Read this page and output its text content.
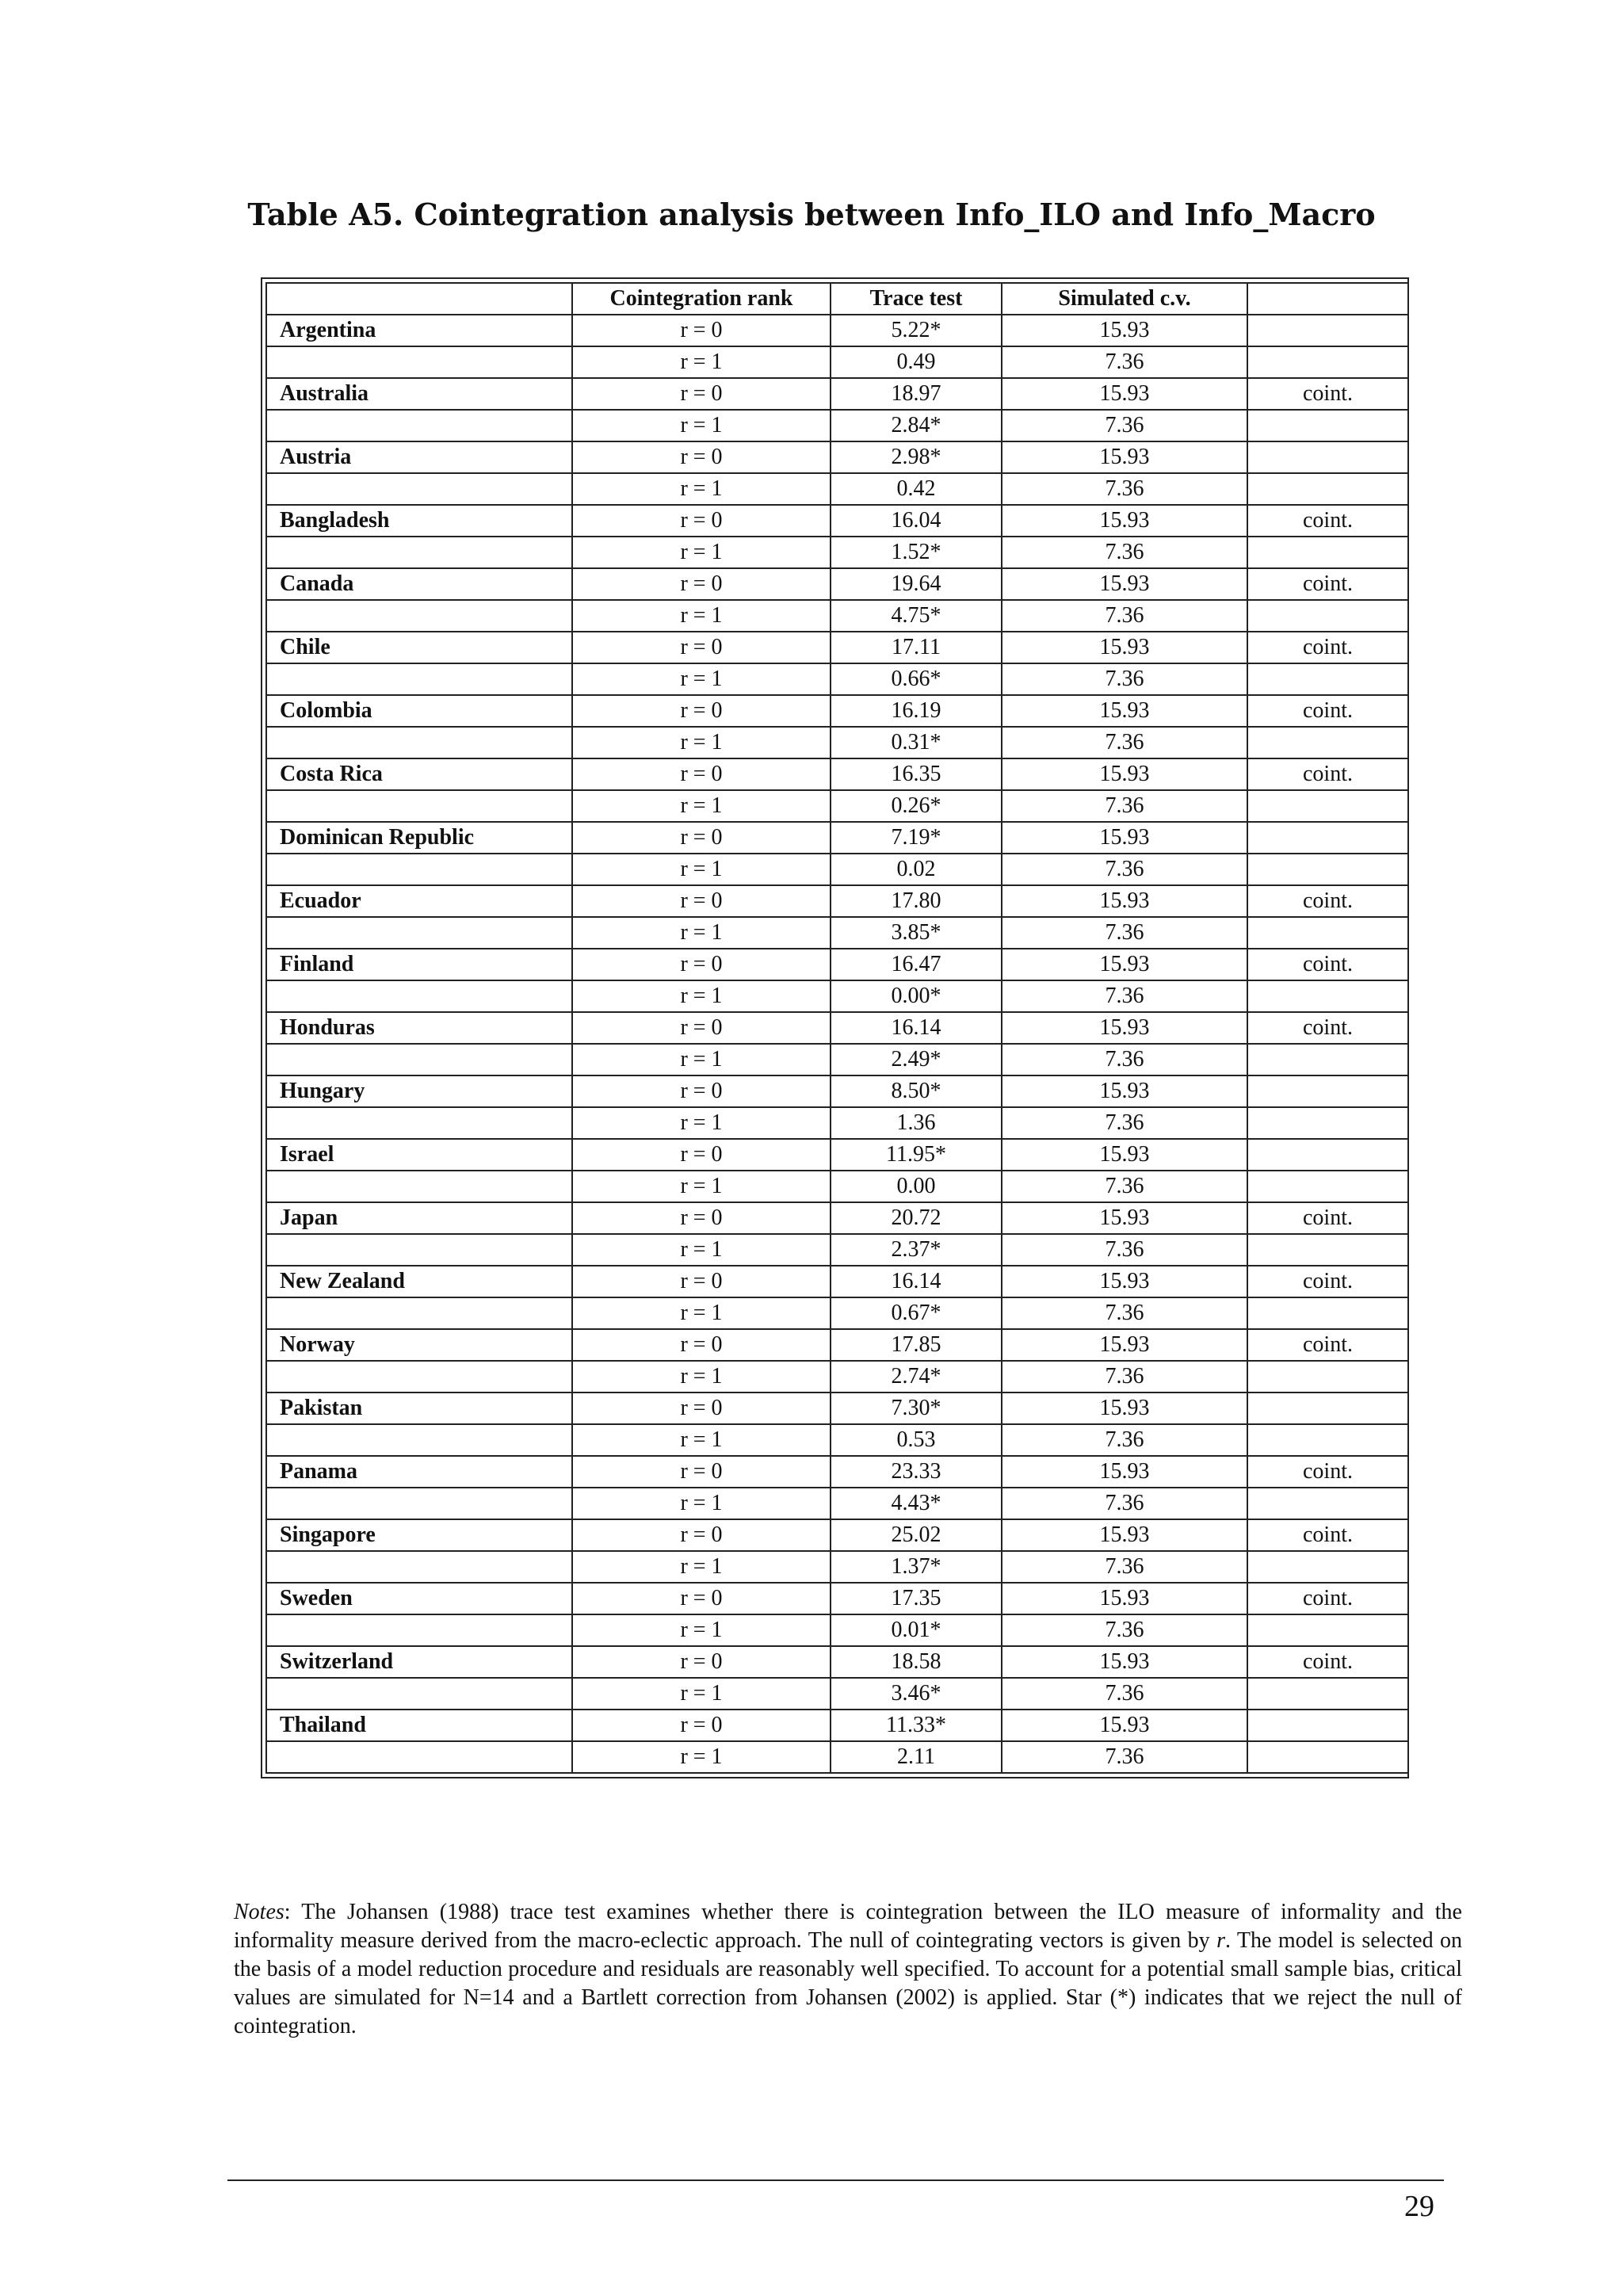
Table A5. Cointegration analysis between Info_ILO and Info_Macro
	Cointegration rank	Trace test	Simulated c.v.	
Argentina	r = 0	5.22*	15.93	
	r = 1	0.49	7.36	
Australia	r = 0	18.97	15.93	coint.
	r = 1	2.84*	7.36	
Austria	r = 0	2.98*	15.93	
	r = 1	0.42	7.36	
Bangladesh	r = 0	16.04	15.93	coint.
	r = 1	1.52*	7.36	
Canada	r = 0	19.64	15.93	coint.
	r = 1	4.75*	7.36	
Chile	r = 0	17.11	15.93	coint.
	r = 1	0.66*	7.36	
Colombia	r = 0	16.19	15.93	coint.
	r = 1	0.31*	7.36	
Costa Rica	r = 0	16.35	15.93	coint.
	r = 1	0.26*	7.36	
Dominican Republic	r = 0	7.19*	15.93	
	r = 1	0.02	7.36	
Ecuador	r = 0	17.80	15.93	coint.
	r = 1	3.85*	7.36	
Finland	r = 0	16.47	15.93	coint.
	r = 1	0.00*	7.36	
Honduras	r = 0	16.14	15.93	coint.
	r = 1	2.49*	7.36	
Hungary	r = 0	8.50*	15.93	
	r = 1	1.36	7.36	
Israel	r = 0	11.95*	15.93	
	r = 1	0.00	7.36	
Japan	r = 0	20.72	15.93	coint.
	r = 1	2.37*	7.36	
New Zealand	r = 0	16.14	15.93	coint.
	r = 1	0.67*	7.36	
Norway	r = 0	17.85	15.93	coint.
	r = 1	2.74*	7.36	
Pakistan	r = 0	7.30*	15.93	
	r = 1	0.53	7.36	
Panama	r = 0	23.33	15.93	coint.
	r = 1	4.43*	7.36	
Singapore	r = 0	25.02	15.93	coint.
	r = 1	1.37*	7.36	
Sweden	r = 0	17.35	15.93	coint.
	r = 1	0.01*	7.36	
Switzerland	r = 0	18.58	15.93	coint.
	r = 1	3.46*	7.36	
Thailand	r = 0	11.33*	15.93	
	r = 1	2.11	7.36	

Notes: The Johansen (1988) trace test examines whether there is cointegration between the ILO measure of informality and the informality measure derived from the macro-eclectic approach. The null of cointegrating vectors is given by r. The model is selected on the basis of a model reduction procedure and residuals are reasonably well specified. To account for a potential small sample bias, critical values are simulated for N=14 and a Bartlett correction from Johansen (2002) is applied. Star (*) indicates that we reject the null of cointegration.

29
